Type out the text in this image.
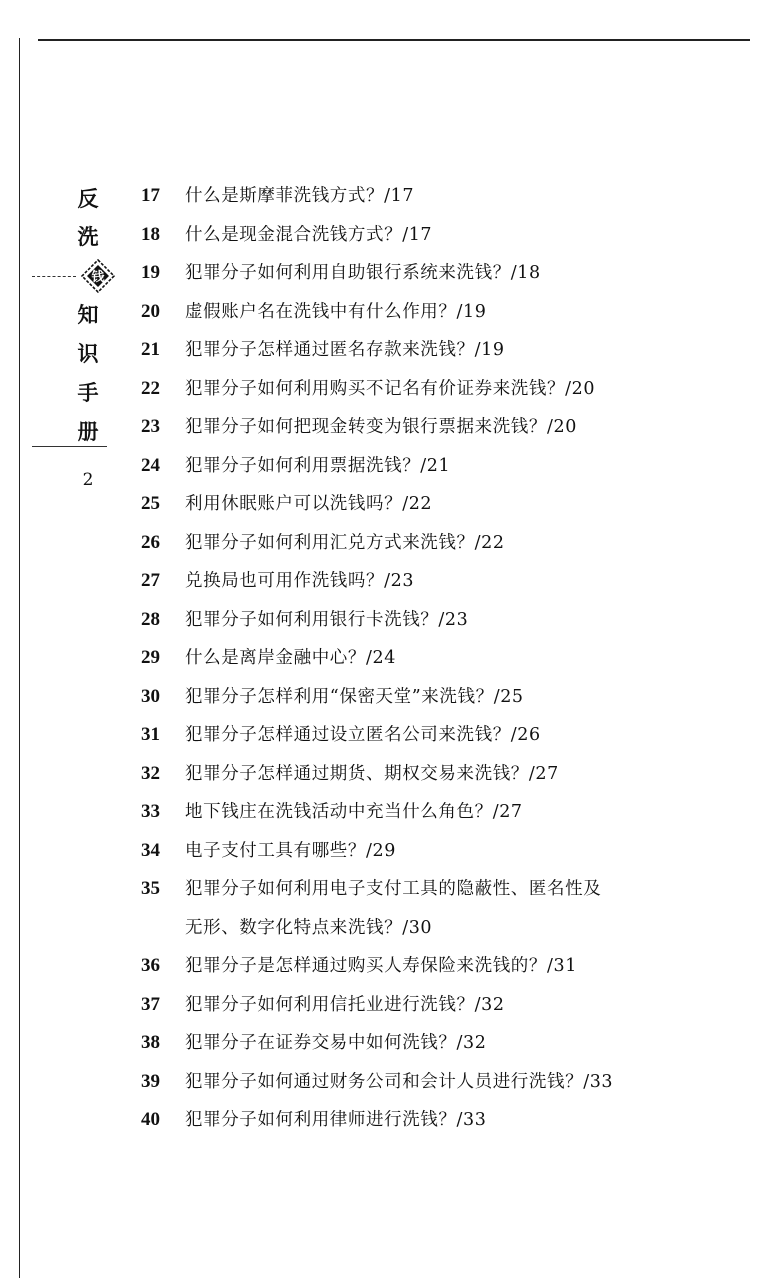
反
洗
钱
知
识
手
册
2
17 什么是斯摩菲洗钱方式？/17
18 什么是现金混合洗钱方式？/17
19 犯罪分子如何利用自助银行系统来洗钱？/18
20 虚假账户名在洗钱中有什么作用？/19
21 犯罪分子怎样通过匿名存款来洗钱？/19
22 犯罪分子如何利用购买不记名有价证券来洗钱？/20
23 犯罪分子如何把现金转变为银行票据来洗钱？/20
24 犯罪分子如何利用票据洗钱？/21
25 利用休眠账户可以洗钱吗？/22
26 犯罪分子如何利用汇兑方式来洗钱？/22
27 兑换局也可用作洗钱吗？/23
28 犯罪分子如何利用银行卡洗钱？/23
29 什么是离岸金融中心？/24
30 犯罪分子怎样利用“保密天堂”来洗钱？/25
31 犯罪分子怎样通过设立匿名公司来洗钱？/26
32 犯罪分子怎样通过期货、期权交易来洗钱？/27
33 地下钱庄在洗钱活动中充当什么角色？/27
34 电子支付工具有哪些？/29
35 犯罪分子如何利用电子支付工具的隐蔽性、匿名性及
无形、数字化特点来洗钱？/30
36 犯罪分子是怎样通过购买人寿保险来洗钱的？/31
37 犯罪分子如何利用信托业进行洗钱？/32
38 犯罪分子在证券交易中如何洗钱？/32
39 犯罪分子如何通过财务公司和会计人员进行洗钱？/33
40 犯罪分子如何利用律师进行洗钱？/33
